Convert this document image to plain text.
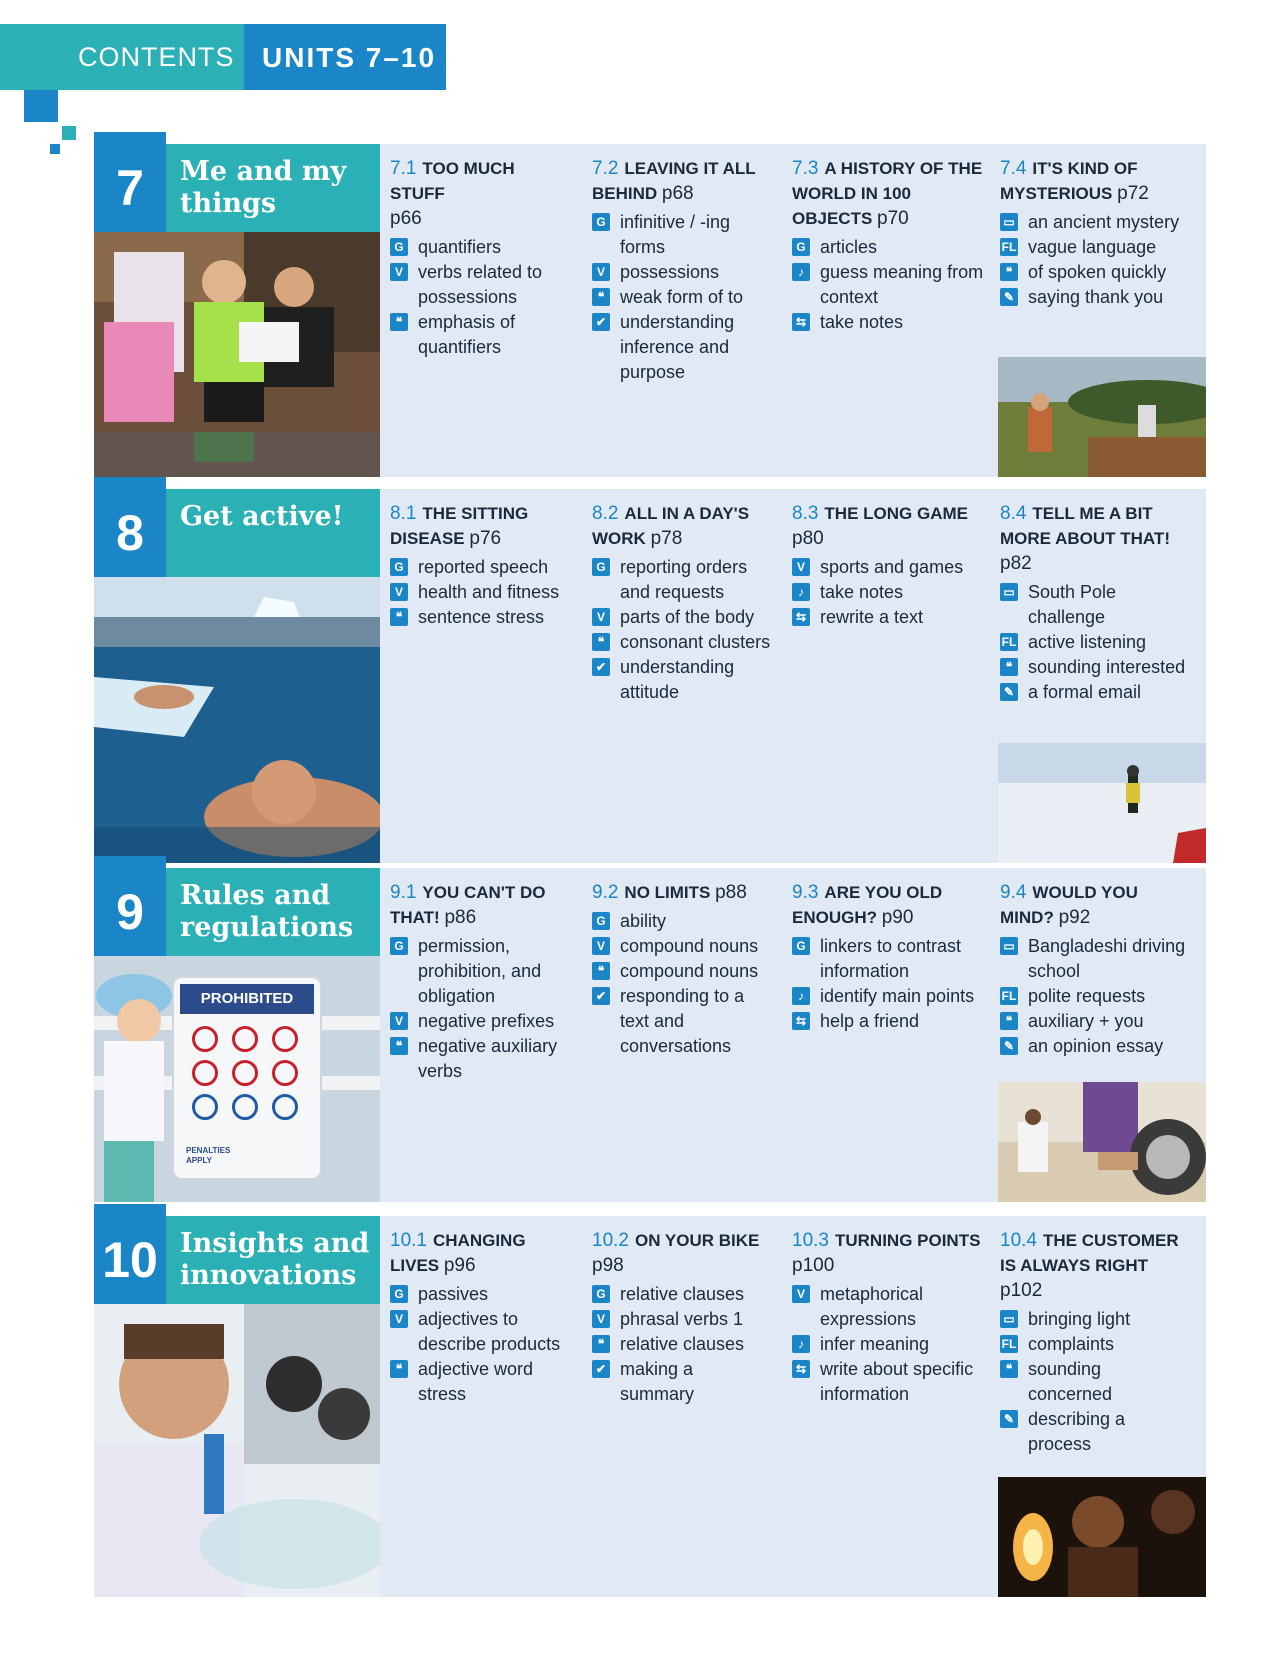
CONTENTS UNITS 7–10
7	Me and my things
7.1 TOO MUCH STUFF
p66
G quantifiers
V verbs related to possessions
❝ emphasis of quantifiers
7.2 LEAVING IT ALL BEHIND p68
G infinitive / -ing forms
V possessions
❝ weak form of to
✔ understanding inference and purpose
7.3 A HISTORY OF THE WORLD IN 100 OBJECTS p70
G articles
♪ guess meaning from context
⇆ take notes
7.4 IT'S KIND OF MYSTERIOUS p72
▭ an ancient mystery
FL vague language
❝ of spoken quickly
✎ saying thank you
8	Get active!	8.1 THE SITTING DISEASE p76
G reported speech
V health and fitness
❝ sentence stress
8.2 ALL IN A DAY'S WORK p78
G reporting orders and requests
V parts of the body
❝ consonant clusters
✔ understanding attitude
8.3 THE LONG GAME
p80
V sports and games
♪ take notes
⇆ rewrite a text
8.4 TELL ME A BIT MORE ABOUT THAT! p82
▭ South Pole challenge
FL active listening
❝ sounding interested
✎ a formal email
9	Rules and regulations
PROHIBITED
PENALTIES APPLY
9.1 YOU CAN'T DO THAT! p86
G permission, prohibition, and obligation
V negative prefixes
❝ negative auxiliary verbs
9.2 NO LIMITS p88
G ability
V compound nouns
❝ compound nouns
✔ responding to a text and conversations
9.3 ARE YOU OLD ENOUGH? p90
G linkers to contrast information
♪ identify main points
⇆ help a friend
9.4 WOULD YOU MIND? p92
▭ Bangladeshi driving school
FL polite requests
❝ auxiliary + you
✎ an opinion essay
10 Insights and innovations
10.1 CHANGING LIVES p96
G passives
V adjectives to describe products
❝ adjective word stress
10.2 ON YOUR BIKE p98
G relative clauses
V phrasal verbs 1
❝ relative clauses
✔ making a summary
10.3 TURNING POINTS p100
V metaphorical expressions
♪ infer meaning
⇆ write about specific information
10.4 THE CUSTOMER IS ALWAYS RIGHT p102
▭ bringing light
FL complaints
❝ sounding concerned
✎ describing a process
